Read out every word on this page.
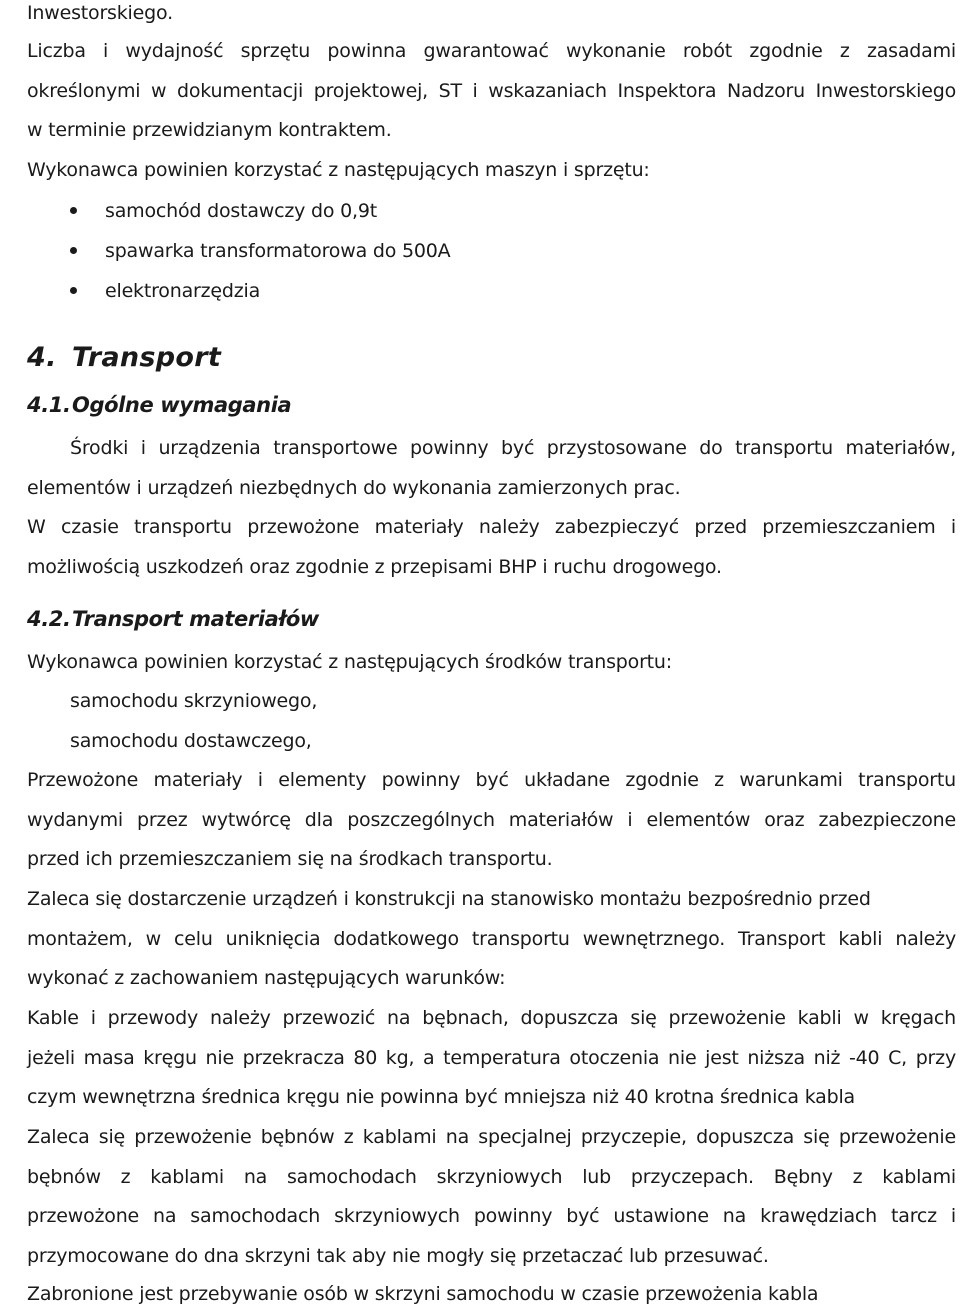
Inwestorskiego.
Liczba i wydajność sprzętu powinna gwarantować wykonanie robót zgodnie z zasadami
określonymi w dokumentacji projektowej, ST i wskazaniach Inspektora Nadzoru Inwestorskiego
w terminie przewidzianym kontraktem.
Wykonawca powinien korzystać z następujących maszyn i sprzętu:
samochód dostawczy do 0,9t
spawarka transformatorowa do 500A
elektronarzędzia
4. Transport
4.1.Ogólne wymagania
Środki i urządzenia transportowe powinny być przystosowane do transportu materiałów,
elementów i urządzeń niezbędnych do wykonania zamierzonych prac.
W czasie transportu przewożone materiały należy zabezpieczyć przed przemieszczaniem i
możliwością uszkodzeń oraz zgodnie z przepisami BHP i ruchu drogowego.
4.2.Transport materiałów
Wykonawca powinien korzystać z następujących środków transportu:
samochodu skrzyniowego,
samochodu dostawczego,
Przewożone materiały i elementy powinny być układane zgodnie z warunkami transportu
wydanymi przez wytwórcę dla poszczególnych materiałów i elementów oraz zabezpieczone
przed ich przemieszczaniem się na środkach transportu.
Zaleca się dostarczenie urządzeń i konstrukcji na stanowisko montażu bezpośrednio przed
montażem, w celu uniknięcia dodatkowego transportu wewnętrznego. Transport kabli należy
wykonać z zachowaniem następujących warunków:
Kable i przewody należy przewozić na bębnach, dopuszcza się przewożenie kabli w kręgach
jeżeli masa kręgu nie przekracza 80 kg, a temperatura otoczenia nie jest niższa niż -40 C, przy
czym wewnętrzna średnica kręgu nie powinna być mniejsza niż 40 krotna średnica kabla
Zaleca się przewożenie bębnów z kablami na specjalnej przyczepie, dopuszcza się przewożenie
bębnów z kablami na samochodach skrzyniowych lub przyczepach. Bębny z kablami
przewożone na samochodach skrzyniowych powinny być ustawione na krawędziach tarcz i
przymocowane do dna skrzyni tak aby nie mogły się przetaczać lub przesuwać.
Zabronione jest przebywanie osób w skrzyni samochodu w czasie przewożenia kabla
